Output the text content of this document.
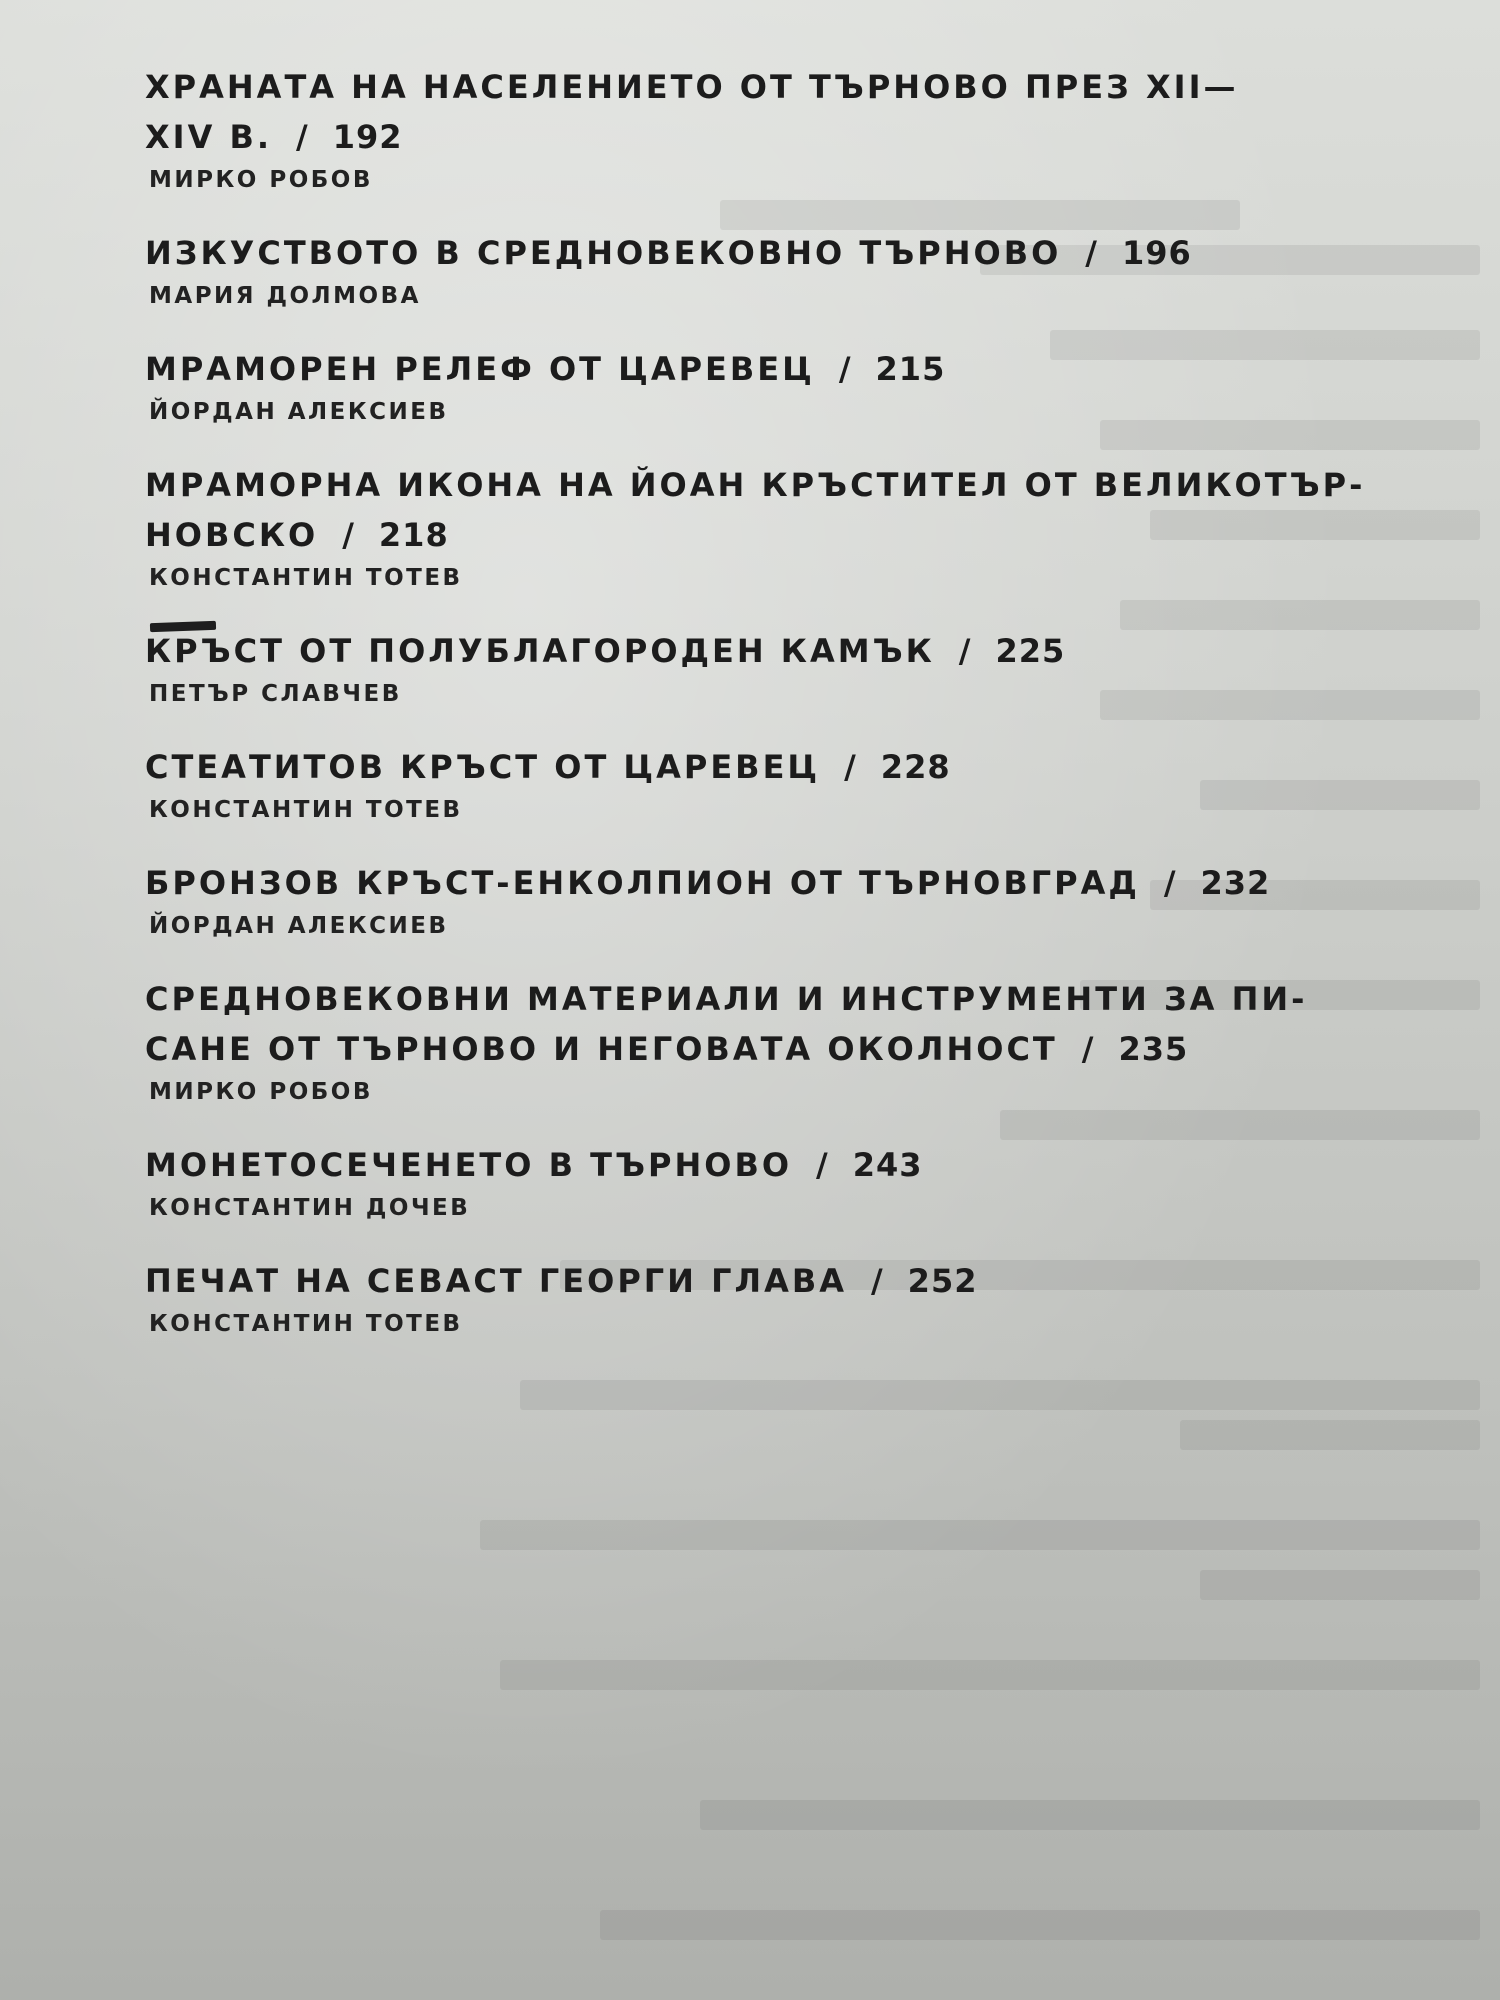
ХРАНАТА НА НАСЕЛЕНИЕТО ОТ ТЪРНОВО ПРЕЗ XII—

XIV В. / 192

МИРКО РОБОВ

ИЗКУСТВОТО В СРЕДНОВЕКОВНО ТЪРНОВО / 196

МАРИЯ ДОЛМОВА

МРАМОРЕН РЕЛЕФ ОТ ЦАРЕВЕЦ / 215

ЙОРДАН АЛЕКСИЕВ

МРАМОРНА ИКОНА НА ЙОАН КРЪСТИТЕЛ ОТ ВЕЛИКОТЪР-

НОВСКО / 218

КОНСТАНТИН ТОТЕВ

КРЪСТ ОТ ПОЛУБЛАГОРОДЕН КАМЪК / 225

ПЕТЪР СЛАВЧЕВ

СТЕАТИТОВ КРЪСТ ОТ ЦАРЕВЕЦ / 228

КОНСТАНТИН ТОТЕВ

БРОНЗОВ КРЪСТ-ЕНКОЛПИОН ОТ ТЪРНОВГРАД / 232

ЙОРДАН АЛЕКСИЕВ

СРЕДНОВЕКОВНИ МАТЕРИАЛИ И ИНСТРУМЕНТИ ЗА ПИ-

САНЕ ОТ ТЪРНОВО И НЕГОВАТА ОКОЛНОСТ / 235

МИРКО РОБОВ

МОНЕТОСЕЧЕНЕТО В ТЪРНОВО / 243

КОНСТАНТИН ДОЧЕВ

ПЕЧАТ НА СЕВАСТ ГЕОРГИ ГЛАВА / 252

КОНСТАНТИН ТОТЕВ
